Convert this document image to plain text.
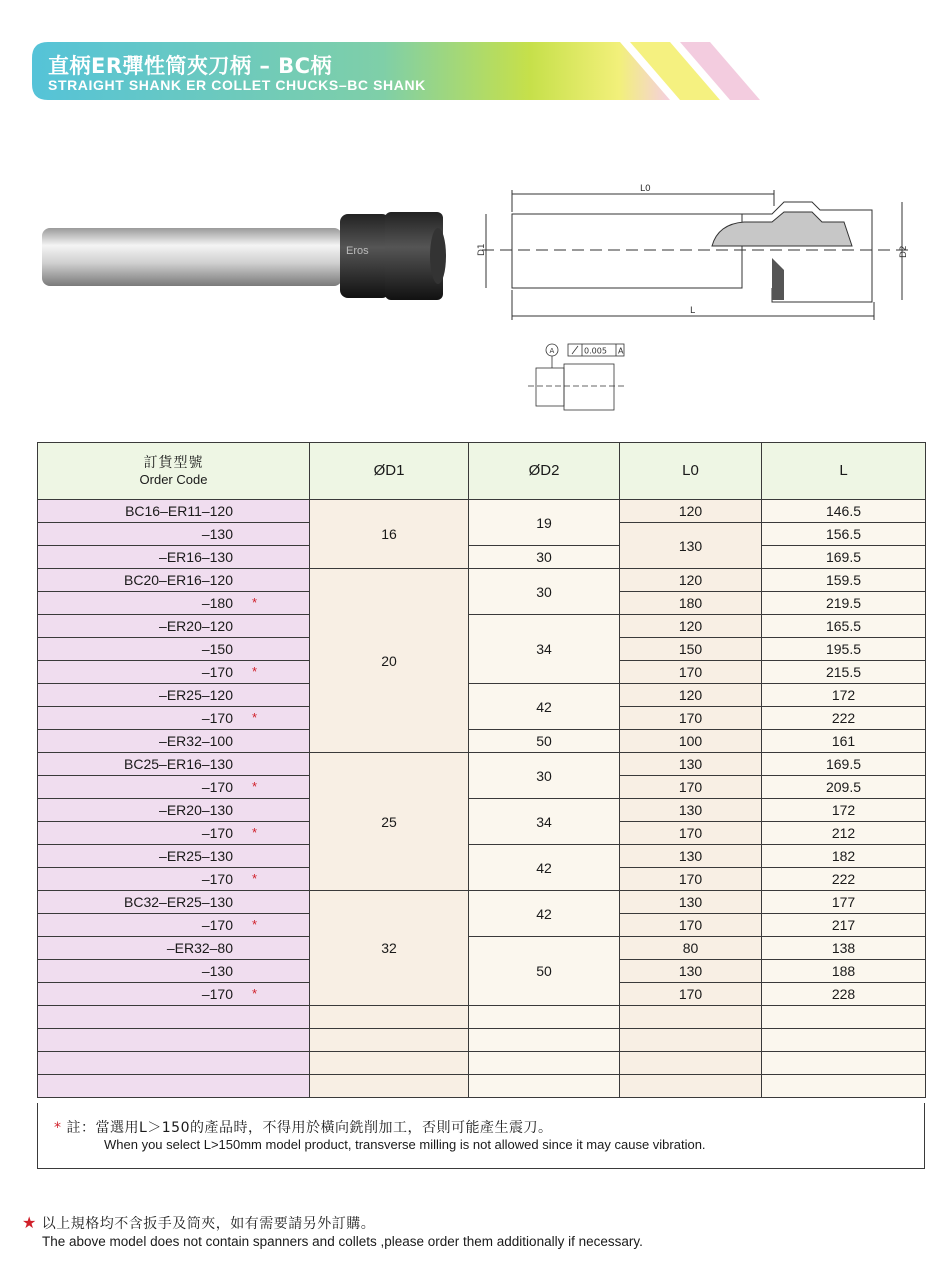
直柄ER彈性筒夾刀柄 – BC柄
STRAIGHT SHANK ER COLLET CHUCKS–BC SHANK
Eros
L0
L
D1	D2
A	0.005 A
訂貨型號
Order Code	ØD1	ØD2	L0	L
BC16–ER11–120	16	19	120	146.5
–130			130	156.5
–ER16–130		30		169.5
BC20–ER16–120	20	30	120	159.5
–180 *			180	219.5
–ER20–120		34	120	165.5
–150			150	195.5
–170 *			170	215.5
–ER25–120		42	120	172
–170 *			170	222
–ER32–100		50	100	161
BC25–ER16–130	25	30	130	169.5
–170 *			170	209.5
–ER20–130		34	130	172
–170 *			170	212
–ER25–130		42	130	182
–170 *			170	222
BC32–ER25–130	32	42	130	177
–170 *			170	217
–ER32–80		50	80	138
–130			130	188
–170 *			170	228

* 註：當選用L＞150的產品時，不得用於橫向銑削加工，否則可能產生震刀。
When you select L>150mm model product, transverse milling is not allowed since it may cause vibration.
★ 以上規格均不含扳手及筒夾，如有需要請另外訂購。
The above model does not contain spanners and collets ,please order them additionally if necessary.
